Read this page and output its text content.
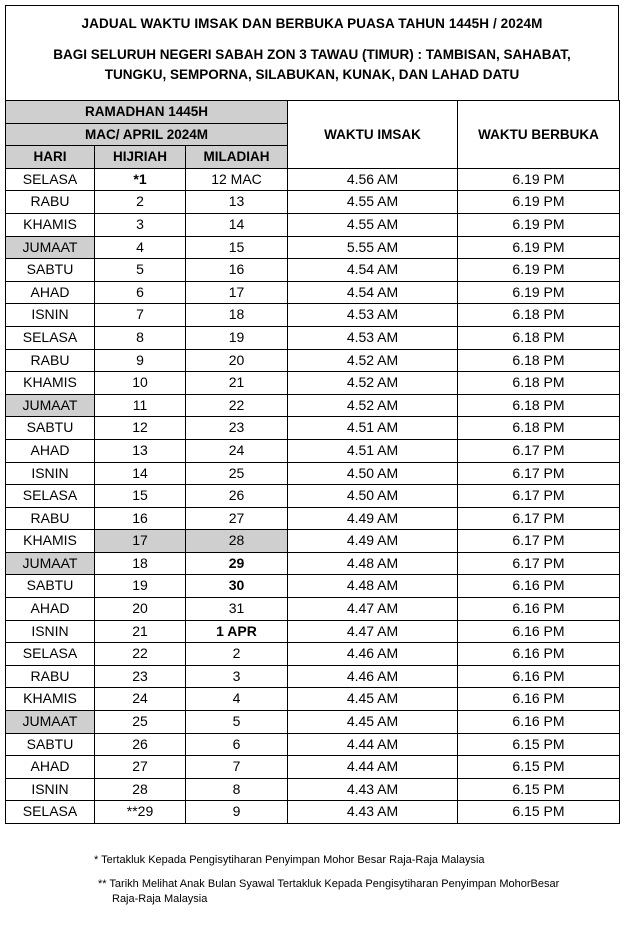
JADUAL WAKTU IMSAK DAN BERBUKA PUASA TAHUN 1445H / 2024M
BAGI SELURUH NEGERI SABAH ZON 3 TAWAU (TIMUR) : TAMBISAN, SAHABAT,
TUNGKU, SEMPORNA, SILABUKAN, KUNAK, DAN LAHAD DATU
RAMADHAN 1445H			WAKTU IMSAK	WAKTU BERBUKA
MAC/ APRIL 2024M				
HARI	HIJRIAH	MILADIAH		
SELASA	*1	12 MAC	4.56 AM	6.19 PM
RABU	2	13	4.55 AM	6.19 PM
KHAMIS	3	14	4.55 AM	6.19 PM
JUMAAT	4	15	5.55 AM	6.19 PM
SABTU	5	16	4.54 AM	6.19 PM
AHAD	6	17	4.54 AM	6.19 PM
ISNIN	7	18	4.53 AM	6.18 PM
SELASA	8	19	4.53 AM	6.18 PM
RABU	9	20	4.52 AM	6.18 PM
KHAMIS	10	21	4.52 AM	6.18 PM
JUMAAT	11	22	4.52 AM	6.18 PM
SABTU	12	23	4.51 AM	6.18 PM
AHAD	13	24	4.51 AM	6.17 PM
ISNIN	14	25	4.50 AM	6.17 PM
SELASA	15	26	4.50 AM	6.17 PM
RABU	16	27	4.49 AM	6.17 PM
KHAMIS	17	28	4.49 AM	6.17 PM
JUMAAT	18	29	4.48 AM	6.17 PM
SABTU	19	30	4.48 AM	6.16 PM
AHAD	20	31	4.47 AM	6.16 PM
ISNIN	21	1 APR	4.47 AM	6.16 PM
SELASA	22	2	4.46 AM	6.16 PM
RABU	23	3	4.46 AM	6.16 PM
KHAMIS	24	4	4.45 AM	6.16 PM
JUMAAT	25	5	4.45 AM	6.16 PM
SABTU	26	6	4.44 AM	6.15 PM
AHAD	27	7	4.44 AM	6.15 PM
ISNIN	28	8	4.43 AM	6.15 PM
SELASA	**29	9	4.43 AM	6.15 PM
* Tertakluk Kepada Pengisytiharan Penyimpan Mohor Besar Raja-Raja Malaysia
** Tarikh Melihat Anak Bulan Syawal Tertakluk Kepada Pengisytiharan Penyimpan MohorBesar
Raja-Raja Malaysia
